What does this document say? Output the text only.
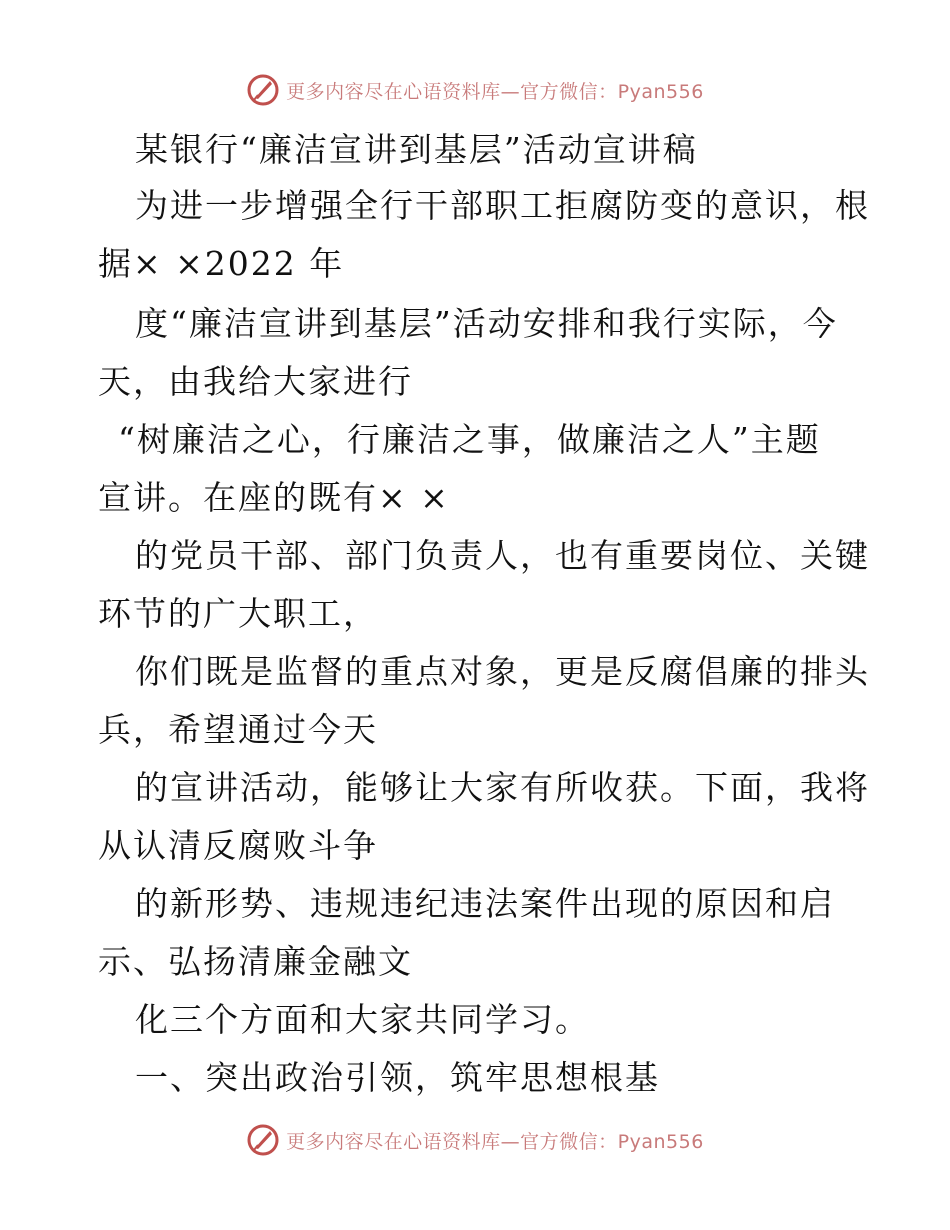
更多内容尽在心语资料库—官方微信：Pyan556
某银行“廉洁宣讲到基层”活动宣讲稿
为进一步增强全行干部职工拒腐防变的意识，根
据× ×2022 年
度“廉洁宣讲到基层”活动安排和我行实际，今
天，由我给大家进行
“树廉洁之心，行廉洁之事，做廉洁之人”主题
宣讲。在座的既有× ×
的党员干部、部门负责人，也有重要岗位、关键
环节的广大职工，
你们既是监督的重点对象，更是反腐倡廉的排头
兵，希望通过今天
的宣讲活动，能够让大家有所收获。下面，我将
从认清反腐败斗争
的新形势、违规违纪违法案件出现的原因和启
示、弘扬清廉金融文
化三个方面和大家共同学习。
一、突出政治引领，筑牢思想根基
更多内容尽在心语资料库—官方微信：Pyan556
